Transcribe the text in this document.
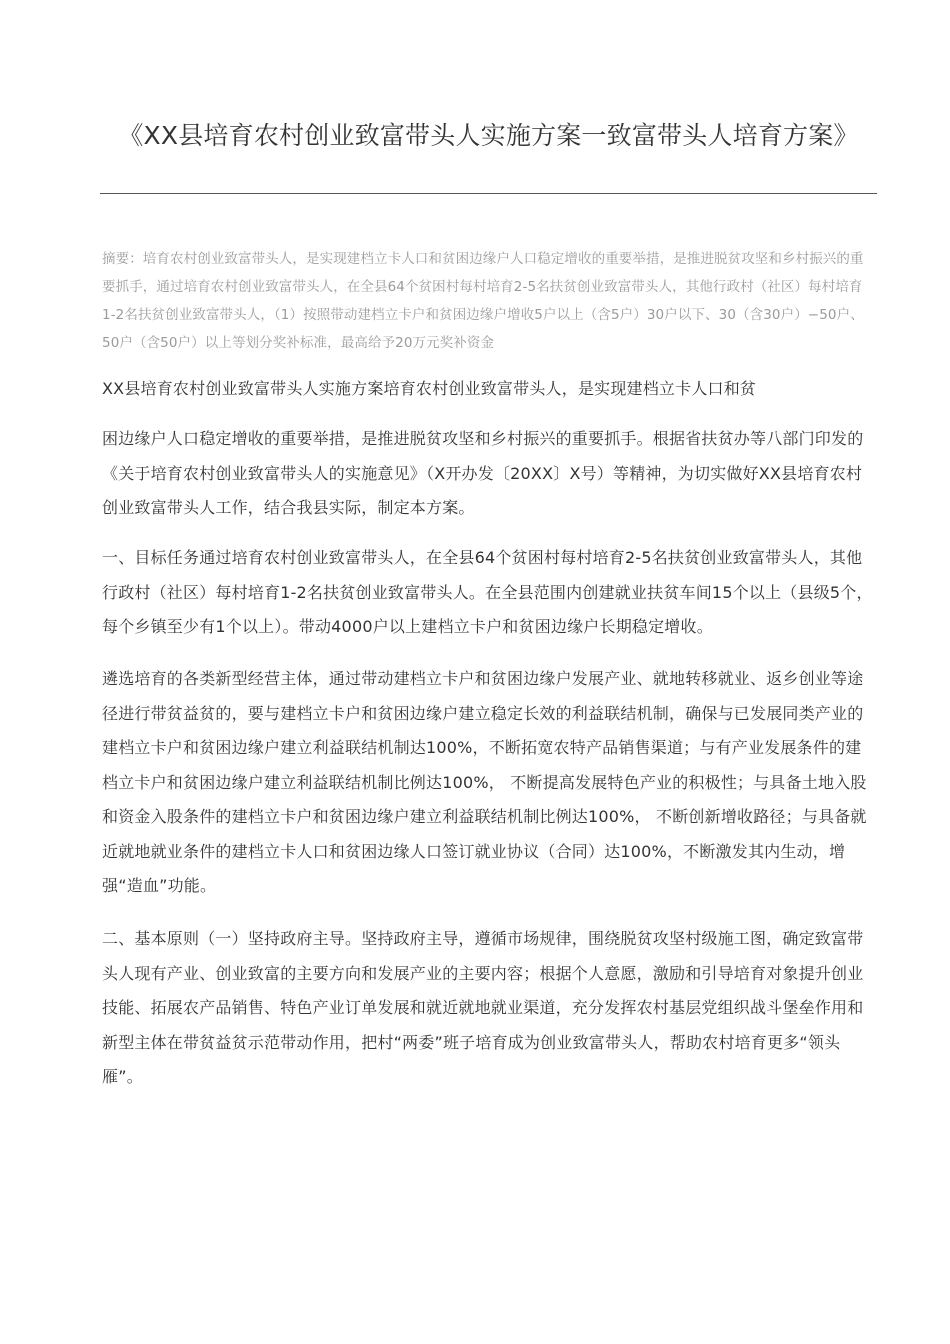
《XX县培育农村创业致富带头人实施方案一致富带头人培育方案》

摘要：培育农村创业致富带头人，是实现建档立卡人口和贫困边缘户人口稳定增收的重要举措，是推进脱贫攻坚和乡村振兴的重要抓手，通过培育农村创业致富带头人，在全县64个贫困村每村培育2-5名扶贫创业致富带头人，其他行政村（社区）每村培育1-2名扶贫创业致富带头人，（1）按照带动建档立卡户和贫困边缘户增收5户以上（含5户）30户以下、30（含30户）−50户、50户（含50户）以上等划分奖补标准，最高给予20万元奖补资金

XX县培育农村创业致富带头人实施方案培育农村创业致富带头人，是实现建档立卡人口和贫

困边缘户人口稳定增收的重要举措，是推进脱贫攻坚和乡村振兴的重要抓手。根据省扶贫办等八部门印发的《关于培育农村创业致富带头人的实施意见》（X开办发〔20XX〕X号）等精神，为切实做好XX县培育农村创业致富带头人工作，结合我县实际，制定本方案。

一、目标任务通过培育农村创业致富带头人，在全县64个贫困村每村培育2-5名扶贫创业致富带头人，其他行政村（社区）每村培育1-2名扶贫创业致富带头人。在全县范围内创建就业扶贫车间15个以上（县级5个，每个乡镇至少有1个以上）。带动4000户以上建档立卡户和贫困边缘户长期稳定增收。

遴选培育的各类新型经营主体，通过带动建档立卡户和贫困边缘户发展产业、就地转移就业、返乡创业等途径进行带贫益贫的，要与建档立卡户和贫困边缘户建立稳定长效的利益联结机制，确保与已发展同类产业的建档立卡户和贫困边缘户建立利益联结机制达100%，不断拓宽农特产品销售渠道；与有产业发展条件的建档立卡户和贫困边缘户建立利益联结机制比例达100%， 不断提高发展特色产业的积极性；与具备土地入股和资金入股条件的建档立卡户和贫困边缘户建立利益联结机制比例达100%， 不断创新增收路径；与具备就近就地就业条件的建档立卡人口和贫困边缘人口签订就业协议（合同）达100%，不断激发其内生动，增强“造血”功能。

二、基本原则（一）坚持政府主导。坚持政府主导，遵循市场规律，围绕脱贫攻坚村级施工图，确定致富带头人现有产业、创业致富的主要方向和发展产业的主要内容；根据个人意愿，激励和引导培育对象提升创业技能、拓展农产品销售、特色产业订单发展和就近就地就业渠道，充分发挥农村基层党组织战斗堡垒作用和新型主体在带贫益贫示范带动作用，把村“两委”班子培育成为创业致富带头人，帮助农村培育更多“领头雁”。
